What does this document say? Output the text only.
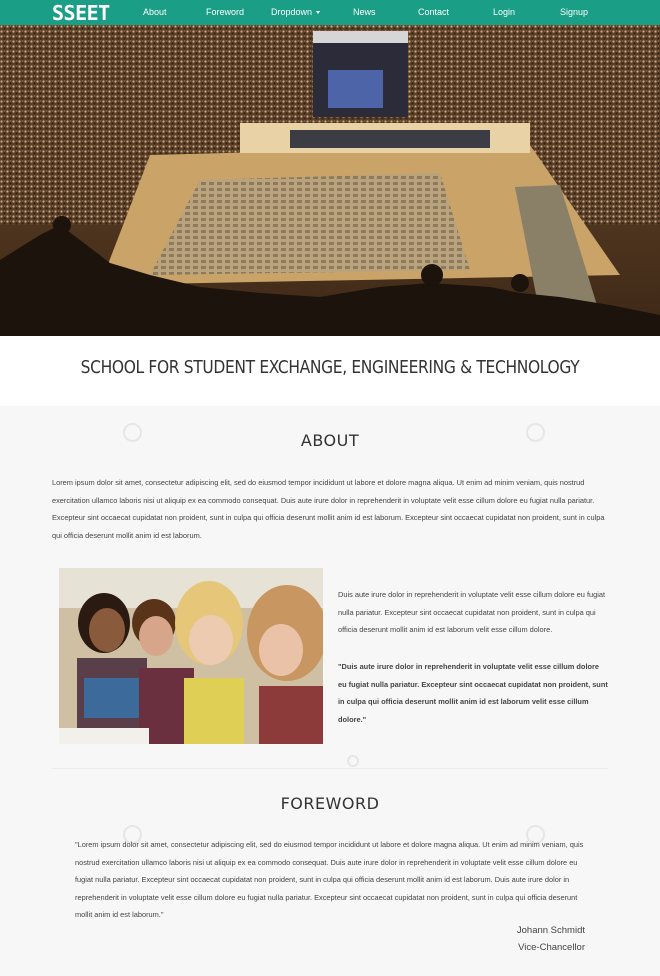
SSEET	About	Foreword	Dropdown	News	Contact	Login	Signup
SCHOOL FOR STUDENT EXCHANGE, ENGINEERING & TECHNOLOGY
ABOUT

Lorem ipsum dolor sit amet, consectetur adipiscing elit, sed do eiusmod tempor incididunt ut labore et dolore magna aliqua. Ut enim ad minim veniam, quis nostrud exercitation ullamco laboris nisi ut aliquip ex ea commodo consequat. Duis aute irure dolor in reprehenderit in voluptate velit esse cillum dolore eu fugiat nulla pariatur. Excepteur sint occaecat cupidatat non proident, sunt in culpa qui officia deserunt mollit anim id est laborum. Excepteur sint occaecat cupidatat non proident, sunt in culpa qui officia deserunt mollit anim id est laborum.

Duis aute irure dolor in reprehenderit in voluptate velit esse cillum dolore eu fugiat nulla pariatur. Excepteur sint occaecat cupidatat non proident, sunt in culpa qui officia deserunt mollit anim id est laborum velit esse cillum dolore.

"Duis aute irure dolor in reprehenderit in voluptate velit esse cillum dolore eu fugiat nulla pariatur. Excepteur sint occaecat cupidatat non proident, sunt in culpa qui officia deserunt mollit anim id est laborum velit esse cillum dolore."

FOREWORD

"Lorem ipsum dolor sit amet, consectetur adipiscing elit, sed do eiusmod tempor incididunt ut labore et dolore magna aliqua. Ut enim ad minim veniam, quis nostrud exercitation ullamco laboris nisi ut aliquip ex ea commodo consequat. Duis aute irure dolor in reprehenderit in voluptate velit esse cillum dolore eu fugiat nulla pariatur. Excepteur sint occaecat cupidatat non proident, sunt in culpa qui officia deserunt mollit anim id est laborum. Duis aute irure dolor in reprehenderit in voluptate velit esse cillum dolore eu fugiat nulla pariatur. Excepteur sint occaecat cupidatat non proident, sunt in culpa qui officia deserunt mollit anim id est laborum."

Johann Schmidt
Vice-Chancellor
